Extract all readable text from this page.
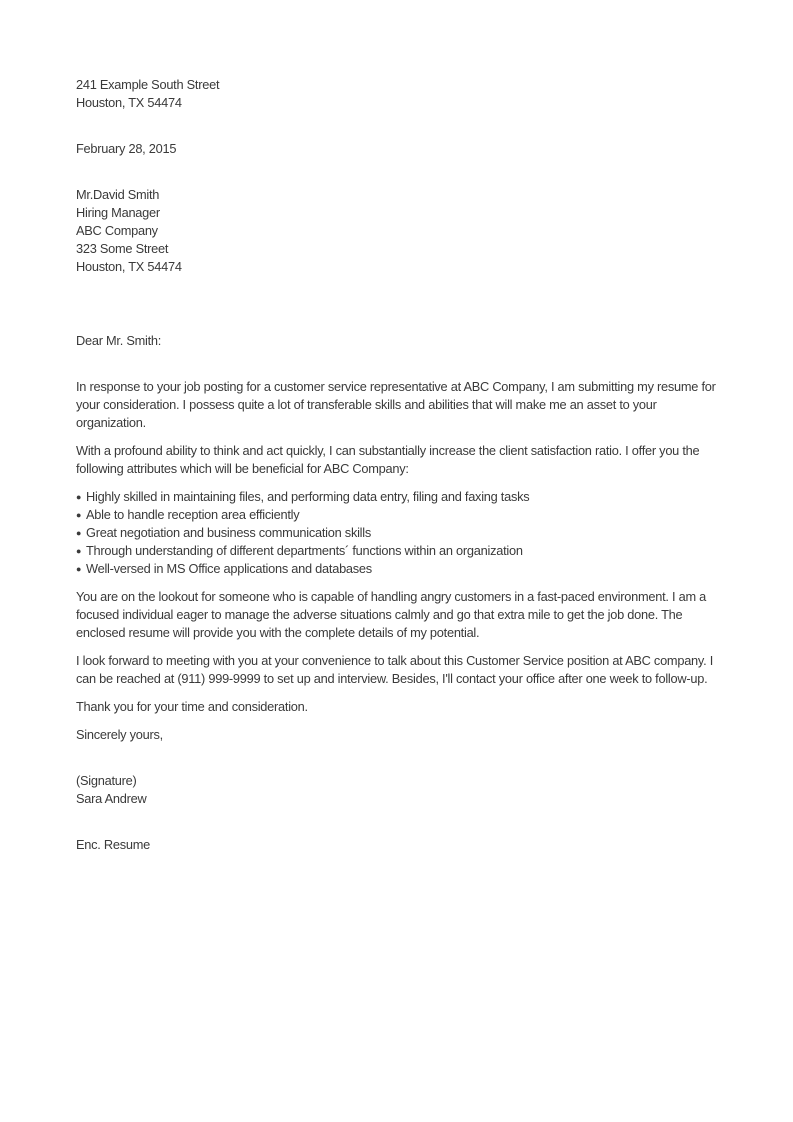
241 Example South Street
Houston, TX 54474
February 28, 2015
Mr.David Smith
Hiring Manager
ABC Company
323 Some Street
Houston, TX 54474
Dear Mr. Smith:

In response to your job posting for a customer service representative at ABC Company, I am submitting my resume for your consideration. I possess quite a lot of transferable skills and abilities that will make me an asset to your organization.

With a profound ability to think and act quickly, I can substantially increase the client satisfaction ratio. I offer you the following attributes which will be beneficial for ABC Company:

● Highly skilled in maintaining files, and performing data entry, filing and faxing tasks
● Able to handle reception area efficiently
● Great negotiation and business communication skills
● Through understanding of different departments´ functions within an organization
● Well-versed in MS Office applications and databases

You are on the lookout for someone who is capable of handling angry customers in a fast-paced environment. I am a focused individual eager to manage the adverse situations calmly and go that extra mile to get the job done. The enclosed resume will provide you with the complete details of my potential.

I look forward to meeting with you at your convenience to talk about this Customer Service position at ABC company. I can be reached at (911) 999-9999 to set up and interview. Besides, I'll contact your office after one week to follow-up.

Thank you for your time and consideration.

Sincerely yours,
(Signature)
Sara Andrew
Enc. Resume
